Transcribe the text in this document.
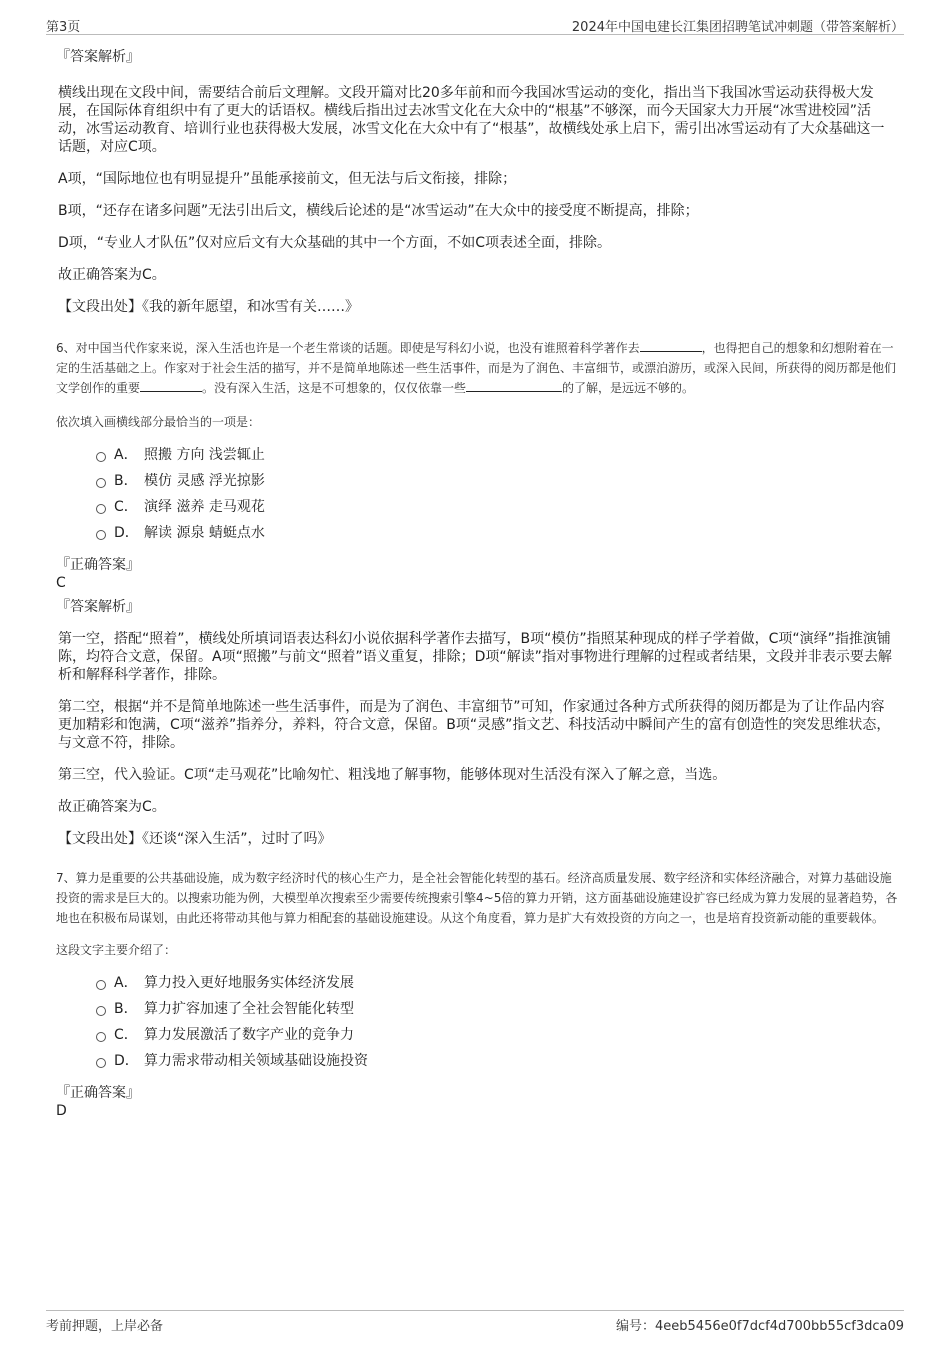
第3页	2024年中国电建长江集团招聘笔试冲刺题（带答案解析）

『答案解析』

横线出现在文段中间，需要结合前后文理解。文段开篇对比20多年前和而今我国冰雪运动的变化，指出当下我国冰雪运动获得极大发展，在国际体育组织中有了更大的话语权。横线后指出过去冰雪文化在大众中的“根基”不够深，而今天国家大力开展“冰雪进校园”活动，冰雪运动教育、培训行业也获得极大发展，冰雪文化在大众中有了“根基”，故横线处承上启下，需引出冰雪运动有了大众基础这一话题，对应C项。

A项，“国际地位也有明显提升”虽能承接前文，但无法与后文衔接，排除；

B项，“还存在诸多问题”无法引出后文，横线后论述的是“冰雪运动”在大众中的接受度不断提高，排除；

D项，“专业人才队伍”仅对应后文有大众基础的其中一个方面，不如C项表述全面，排除。

故正确答案为C。

【文段出处】《我的新年愿望，和冰雪有关……》

6、对中国当代作家来说，深入生活也许是一个老生常谈的话题。即使是写科幻小说，也没有谁照着科学著作去	，也得把自己的想象和幻想附着在一定的生活基础之上。作家对于社会生活的描写，并不是简单地陈述一些生活事件，而是为了润色、丰富细节，或漂泊游历，或深入民间，所获得的阅历都是他们文学创作的重要	。没有深入生活，这是不可想象的，仅仅依靠一些	的了解，是远远不够的。

依次填入画横线部分最恰当的一项是：

A． 照搬 方向 浅尝辄止
B． 模仿 灵感 浮光掠影
C． 演绎 滋养 走马观花
D． 解读 源泉 蜻蜓点水

『正确答案』

C

『答案解析』

第一空，搭配“照着”，横线处所填词语表达科幻小说依据科学著作去描写，B项“模仿”指照某种现成的样子学着做，C项“演绎”指推演铺陈，均符合文意，保留。A项“照搬”与前文“照着”语义重复，排除；D项“解读”指对事物进行理解的过程或者结果，文段并非表示要去解析和解释科学著作，排除。

第二空，根据“并不是简单地陈述一些生活事件，而是为了润色、丰富细节”可知，作家通过各种方式所获得的阅历都是为了让作品内容更加精彩和饱满，C项“滋养”指养分，养料，符合文意，保留。B项“灵感”指文艺、科技活动中瞬间产生的富有创造性的突发思维状态，与文意不符，排除。

第三空，代入验证。C项“走马观花”比喻匆忙、粗浅地了解事物，能够体现对生活没有深入了解之意，当选。

故正确答案为C。

【文段出处】《还谈“深入生活”，过时了吗》

7、算力是重要的公共基础设施，成为数字经济时代的核心生产力，是全社会智能化转型的基石。经济高质量发展、数字经济和实体经济融合，对算力基础设施投资的需求是巨大的。以搜索功能为例，大模型单次搜索至少需要传统搜索引擎4~5倍的算力开销，这方面基础设施建设扩容已经成为算力发展的显著趋势，各地也在积极布局谋划，由此还将带动其他与算力相配套的基础设施建设。从这个角度看，算力是扩大有效投资的方向之一，也是培育投资新动能的重要载体。

这段文字主要介绍了：

A． 算力投入更好地服务实体经济发展
B． 算力扩容加速了全社会智能化转型
C． 算力发展激活了数字产业的竞争力
D． 算力需求带动相关领域基础设施投资

『正确答案』

D

考前押题，上岸必备	编号：4eeb5456e0f7dcf4d700bb55cf3dca09
